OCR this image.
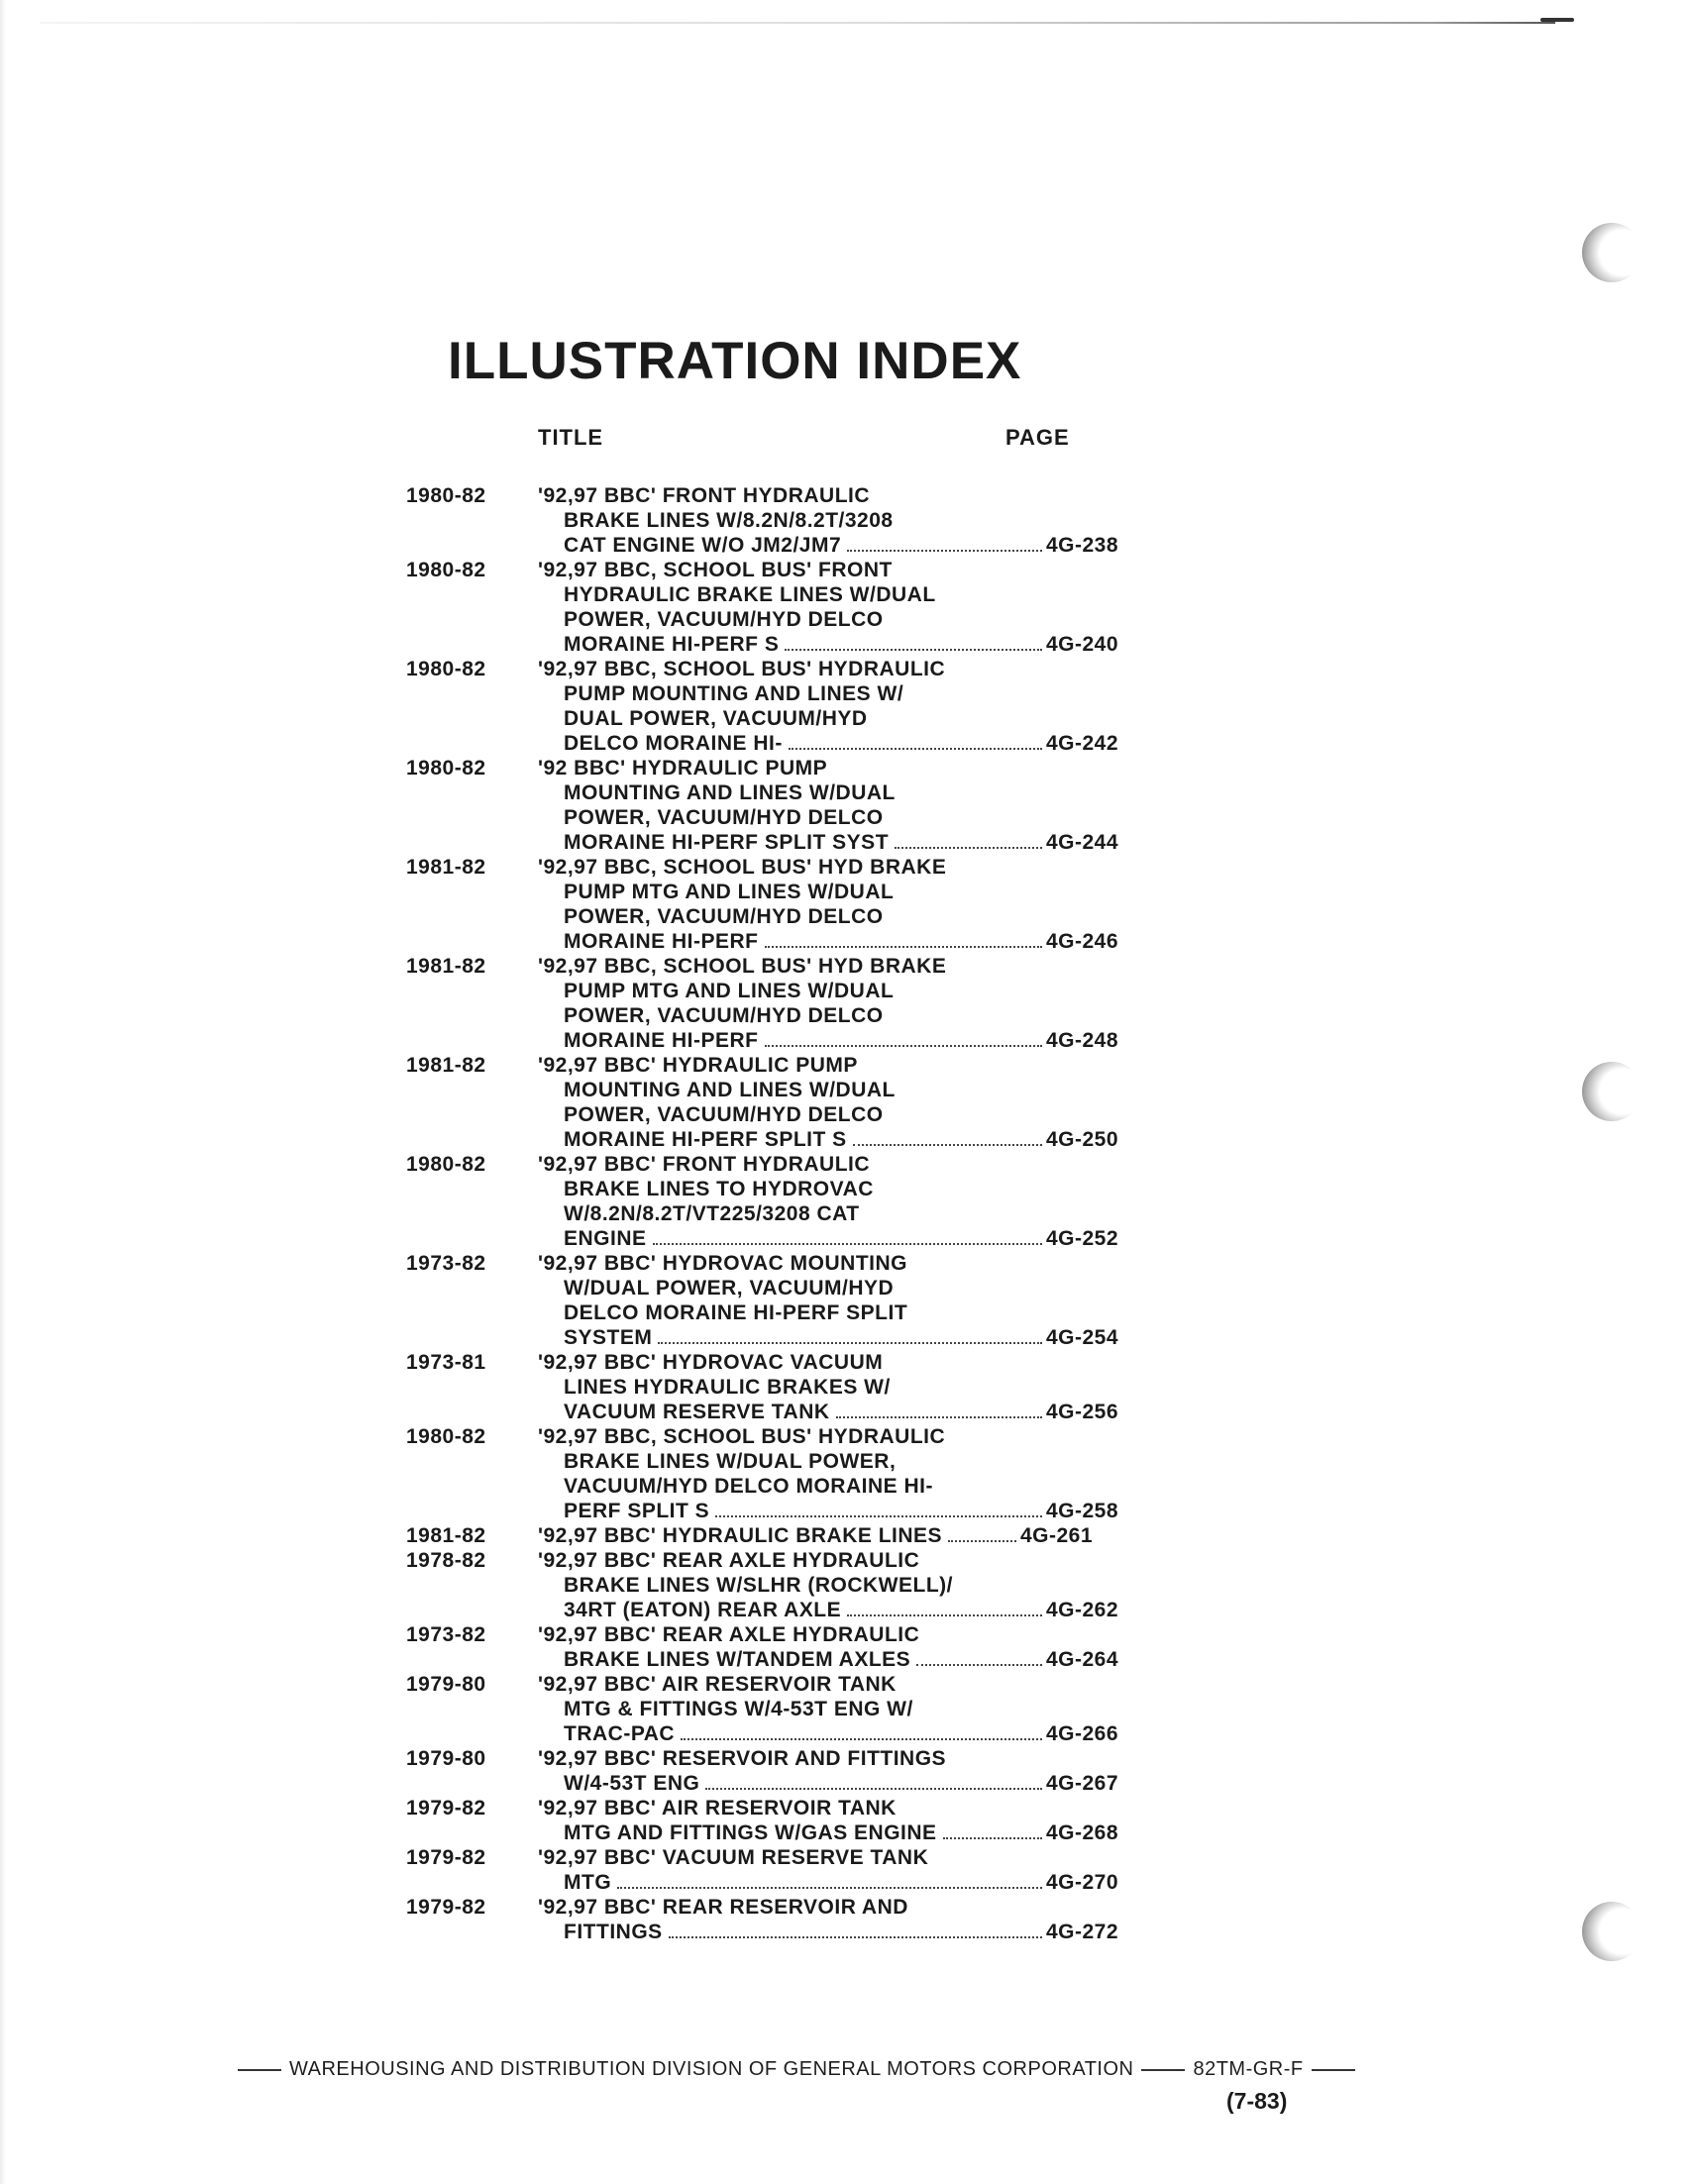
ILLUSTRATION INDEX
TITLE	PAGE
1980-82 '92,97 BBC' FRONT HYDRAULIC
BRAKE LINES W/8.2N/8.2T/3208
CAT ENGINE W/O JM2/JM7	4G-238
1980-82 '92,97 BBC, SCHOOL BUS' FRONT
HYDRAULIC BRAKE LINES W/DUAL
POWER, VACUUM/HYD DELCO
MORAINE HI-PERF S	4G-240
1980-82 '92,97 BBC, SCHOOL BUS' HYDRAULIC
PUMP MOUNTING AND LINES W/
DUAL POWER, VACUUM/HYD
DELCO MORAINE HI-	4G-242
1980-82 '92 BBC' HYDRAULIC PUMP
MOUNTING AND LINES W/DUAL
POWER, VACUUM/HYD DELCO
MORAINE HI-PERF SPLIT SYST	4G-244
1981-82 '92,97 BBC, SCHOOL BUS' HYD BRAKE
PUMP MTG AND LINES W/DUAL
POWER, VACUUM/HYD DELCO
MORAINE HI-PERF	4G-246
1981-82 '92,97 BBC, SCHOOL BUS' HYD BRAKE
PUMP MTG AND LINES W/DUAL
POWER, VACUUM/HYD DELCO
MORAINE HI-PERF	4G-248
1981-82 '92,97 BBC' HYDRAULIC PUMP
MOUNTING AND LINES W/DUAL
POWER, VACUUM/HYD DELCO
MORAINE HI-PERF SPLIT S	4G-250
1980-82 '92,97 BBC' FRONT HYDRAULIC
BRAKE LINES TO HYDROVAC
W/8.2N/8.2T/VT225/3208 CAT
ENGINE	4G-252
1973-82 '92,97 BBC' HYDROVAC MOUNTING
W/DUAL POWER, VACUUM/HYD
DELCO MORAINE HI-PERF SPLIT
SYSTEM	4G-254
1973-81 '92,97 BBC' HYDROVAC VACUUM
LINES HYDRAULIC BRAKES W/
VACUUM RESERVE TANK	4G-256
1980-82 '92,97 BBC, SCHOOL BUS' HYDRAULIC
BRAKE LINES W/DUAL POWER,
VACUUM/HYD DELCO MORAINE HI-
PERF SPLIT S	4G-258
1981-82 '92,97 BBC' HYDRAULIC BRAKE LINES	4G-261
1978-82 '92,97 BBC' REAR AXLE HYDRAULIC
BRAKE LINES W/SLHR (ROCKWELL)/
34RT (EATON) REAR AXLE	4G-262
1973-82 '92,97 BBC' REAR AXLE HYDRAULIC
BRAKE LINES W/TANDEM AXLES	4G-264
1979-80 '92,97 BBC' AIR RESERVOIR TANK
MTG & FITTINGS W/4-53T ENG W/
TRAC-PAC	4G-266
1979-80 '92,97 BBC' RESERVOIR AND FITTINGS
W/4-53T ENG	4G-267
1979-82 '92,97 BBC' AIR RESERVOIR TANK
MTG AND FITTINGS W/GAS ENGINE	4G-268
1979-82 '92,97 BBC' VACUUM RESERVE TANK
MTG	4G-270
1979-82 '92,97 BBC' REAR RESERVOIR AND
FITTINGS	4G-272
WAREHOUSING AND DISTRIBUTION DIVISION OF GENERAL MOTORS CORPORATION	82TM-GR-F
(7-83)
